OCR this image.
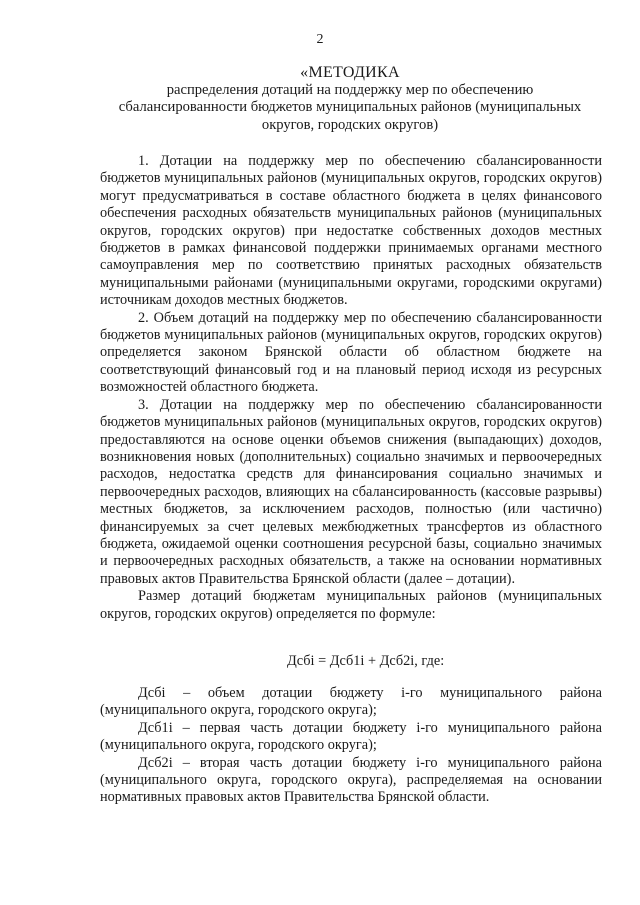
2
«МЕТОДИКА
распределения дотаций на поддержку мер по обеспечению
сбалансированности бюджетов муниципальных районов (муниципальных
округов, городских округов)

1. Дотации на поддержку мер по обеспечению сбалансированности бюджетов муниципальных районов (муниципальных округов, городских округов) могут предусматриваться в составе областного бюджета в целях финансового обеспечения расходных обязательств муниципальных районов (муниципальных округов, городских округов) при недостатке собственных доходов местных бюджетов в рамках финансовой поддержки принимаемых органами местного самоуправления мер по соответствию принятых расходных обязательств муниципальными районами (муниципальными округами, городскими округами) источникам доходов местных бюджетов.

2. Объем дотаций на поддержку мер по обеспечению сбалансированности бюджетов муниципальных районов (муниципальных округов, городских округов) определяется законом Брянской области об областном бюджете на соответствующий финансовый год и на плановый период исходя из ресурсных возможностей областного бюджета.

3. Дотации на поддержку мер по обеспечению сбалансированности бюджетов муниципальных районов (муниципальных округов, городских округов) предоставляются на основе оценки объемов снижения (выпадающих) доходов, возникновения новых (дополнительных) социально значимых и первоочередных расходов, недостатка средств для финансирования социально значимых и первоочередных расходов, влияющих на сбалансированность (кассовые разрывы) местных бюджетов, за исключением расходов, полностью (или частично) финансируемых за счет целевых межбюджетных трансфертов из областного бюджета, ожидаемой оценки соотношения ресурсной базы, социально значимых и первоочередных расходных обязательств, а также на основании нормативных правовых актов Правительства Брянской области (далее – дотации).

Размер дотаций бюджетам муниципальных районов (муниципальных округов, городских округов) определяется по формуле:

Дсбi = Дсб1i + Дсб2i, где:

Дсбi – объем дотации бюджету i-го муниципального района (муниципального округа, городского округа);

Дсб1i – первая часть дотации бюджету i-го муниципального района (муниципального округа, городского округа);

Дсб2i – вторая часть дотации бюджету i-го муниципального района (муниципального округа, городского округа), распределяемая на основании нормативных правовых актов Правительства Брянской области.
